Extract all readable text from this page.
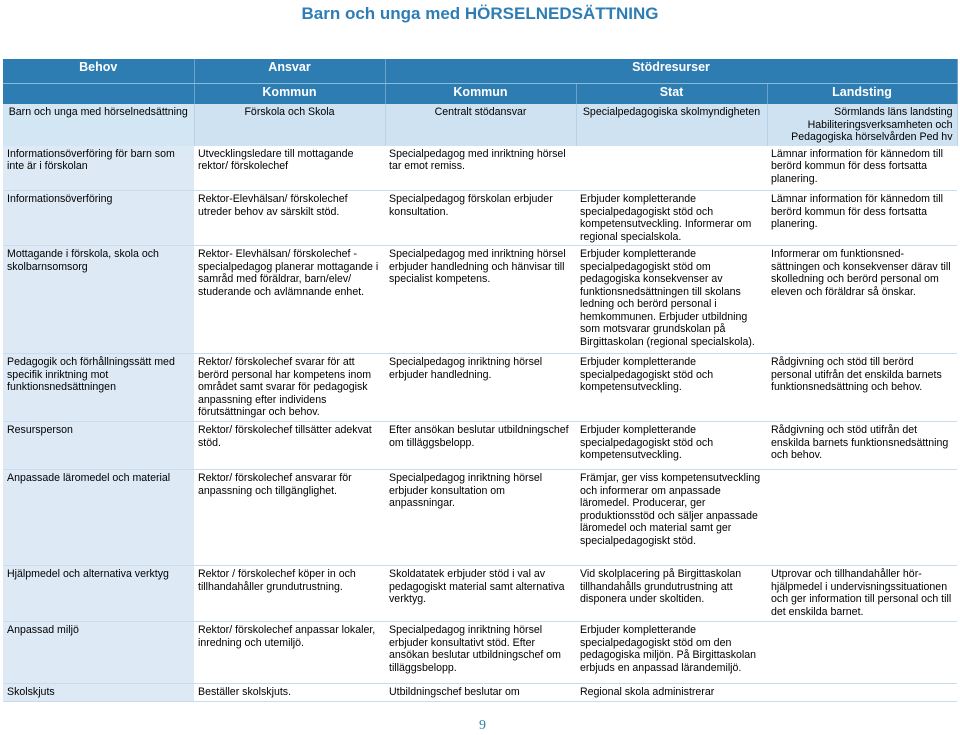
Barn och unga med HÖRSELNEDSÄTTNING
Behov	Ansvar	Stödresurser		
	Kommun	Kommun	Stat	Landsting
Barn och unga med hörselnedsättning	Förskola och Skola	Centralt stödansvar	Specialpedagogiska skolmyndigheten	Sörmlands läns landsting Habiliteringsverksamheten och Pedagogiska hörselvården Ped hv
Informationsöverföring för barn som inte är i förskolan	Utvecklingsledare till mottagande rektor/ förskolechef	Specialpedagog med inriktning hörsel tar emot remiss.		Lämnar information för kännedom till berörd kommun för dess fortsatta planering.
Informationsöverföring	Rektor-Elevhälsan/ förskolechef utreder behov av särskilt stöd.	Specialpedagog förskolan erbjuder konsultation.	Erbjuder kompletterande specialpedagogiskt stöd och kompetensutveckling. Informerar om regional specialskola.	Lämnar information för kännedom till berörd kommun för dess fortsatta planering.
Mottagande i förskola, skola och skolbarnsomsorg	Rektor- Elevhälsan/ förskolechef - specialpedagog planerar mottagande i samråd med föräldrar, barn/elev/ studerande och avlämnande enhet.	Specialpedagog med inriktning hörsel erbjuder handledning och hänvisar till specialist kompetens.	Erbjuder kompletterande specialpedagogiskt stöd om pedagogiska konsekvenser av funktionsnedsättningen till skolans ledning och berörd personal i hemkommunen. Erbjuder utbildning som motsvarar grundskolan på Birgittaskolan (regional specialskola).	Informerar om funktionsned- sättningen och konsekvenser därav till skolledning och berörd personal om eleven och föräldrar så önskar.
Pedagogik och förhållningssätt med specifik inriktning mot funktionsnedsättningen	Rektor/ förskolechef svarar för att berörd personal har kompetens inom området samt svarar för pedagogisk anpassning efter individens förutsättningar och behov.	Specialpedagog inriktning hörsel erbjuder handledning.	Erbjuder kompletterande specialpedagogiskt stöd och kompetensutveckling.	Rådgivning och stöd till berörd personal utifrån det enskilda barnets funktionsnedsättning och behov.
Resursperson	Rektor/ förskolechef tillsätter adekvat stöd.	Efter ansökan beslutar utbildningschef om tilläggsbelopp.	Erbjuder kompletterande specialpedagogiskt stöd och kompetensutveckling.	Rådgivning och stöd utifrån det enskilda barnets funktionsnedsättning och behov.
Anpassade läromedel och material	Rektor/ förskolechef ansvarar för anpassning och tillgänglighet.	Specialpedagog inriktning hörsel erbjuder konsultation om anpassningar.	Främjar, ger viss kompetensutveckling och informerar om anpassade läromedel. Producerar, ger produktionsstöd och säljer anpassade läromedel och material samt ger specialpedagogiskt stöd.	
Hjälpmedel och alternativa verktyg	Rektor / förskolechef köper in och tillhandahåller grundutrustning.	Skoldatatek erbjuder stöd i val av pedagogiskt material samt alternativa verktyg.	Vid skolplacering på Birgittaskolan tillhandahålls grundutrustning att disponera under skoltiden.	Utprovar och tillhandahåller hör- hjälpmedel i undervisningssituationen och ger information till personal och till det enskilda barnet.
Anpassad miljö	Rektor/ förskolechef anpassar lokaler, inredning och utemiljö.	Specialpedagog inriktning hörsel erbjuder konsultativt stöd. Efter ansökan beslutar utbildningschef om tilläggsbelopp.	Erbjuder kompletterande specialpedagogiskt stöd om den pedagogiska miljön. På Birgittaskolan erbjuds en anpassad lärandemiljö.	
Skolskjuts	Beställer skolskjuts.	Utbildningschef beslutar om	Regional skola administrerar	
9
